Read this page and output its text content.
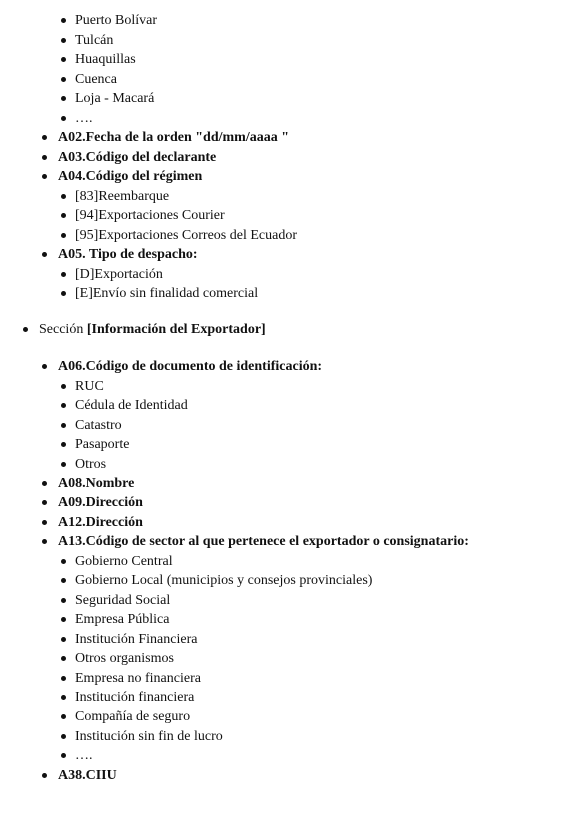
Puerto Bolívar
Tulcán
Huaquillas
Cuenca
Loja - Macará
….
A02.Fecha de la orden "dd/mm/aaaa "
A03.Código del declarante
A04.Código del régimen
[83]Reembarque
[94]Exportaciones Courier
[95]Exportaciones Correos del Ecuador
A05. Tipo de despacho:
[D]Exportación
[E]Envío sin finalidad comercial
Sección [Información del Exportador]
A06.Código de documento de identificación:
RUC
Cédula de Identidad
Catastro
Pasaporte
Otros
A08.Nombre
A09.Dirección
A12.Dirección
A13.Código de sector al que pertenece el exportador o consignatario:
Gobierno Central
Gobierno Local (municipios y consejos provinciales)
Seguridad Social
Empresa Pública
Institución Financiera
Otros organismos
Empresa no financiera
Institución financiera
Compañía de seguro
Institución sin fin de lucro
….
A38.CIIU
